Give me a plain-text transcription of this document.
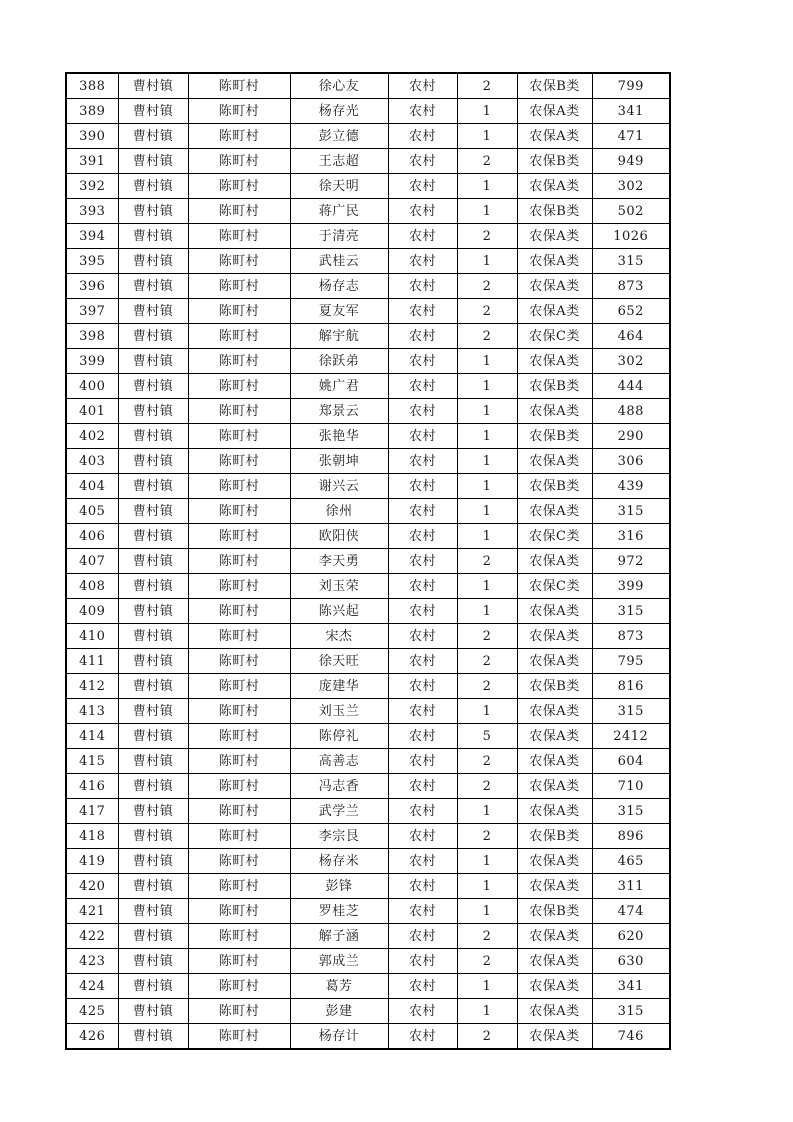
388	曹村镇	陈町村	徐心友	农村	2	农保B类	799
389	曹村镇	陈町村	杨存光	农村	1	农保A类	341
390	曹村镇	陈町村	彭立德	农村	1	农保A类	471
391	曹村镇	陈町村	王志超	农村	2	农保B类	949
392	曹村镇	陈町村	徐天明	农村	1	农保A类	302
393	曹村镇	陈町村	蒋广民	农村	1	农保B类	502
394	曹村镇	陈町村	于清亮	农村	2	农保A类	1026
395	曹村镇	陈町村	武桂云	农村	1	农保A类	315
396	曹村镇	陈町村	杨存志	农村	2	农保A类	873
397	曹村镇	陈町村	夏友军	农村	2	农保A类	652
398	曹村镇	陈町村	解宇航	农村	2	农保C类	464
399	曹村镇	陈町村	徐跃弟	农村	1	农保A类	302
400	曹村镇	陈町村	姚广君	农村	1	农保B类	444
401	曹村镇	陈町村	郑景云	农村	1	农保A类	488
402	曹村镇	陈町村	张艳华	农村	1	农保B类	290
403	曹村镇	陈町村	张朝坤	农村	1	农保A类	306
404	曹村镇	陈町村	谢兴云	农村	1	农保B类	439
405	曹村镇	陈町村	徐州	农村	1	农保A类	315
406	曹村镇	陈町村	欧阳侠	农村	1	农保C类	316
407	曹村镇	陈町村	李天勇	农村	2	农保A类	972
408	曹村镇	陈町村	刘玉荣	农村	1	农保C类	399
409	曹村镇	陈町村	陈兴起	农村	1	农保A类	315
410	曹村镇	陈町村	宋杰	农村	2	农保A类	873
411	曹村镇	陈町村	徐天旺	农村	2	农保A类	795
412	曹村镇	陈町村	庞建华	农村	2	农保B类	816
413	曹村镇	陈町村	刘玉兰	农村	1	农保A类	315
414	曹村镇	陈町村	陈停礼	农村	5	农保A类	2412
415	曹村镇	陈町村	高善志	农村	2	农保A类	604
416	曹村镇	陈町村	冯志香	农村	2	农保A类	710
417	曹村镇	陈町村	武学兰	农村	1	农保A类	315
418	曹村镇	陈町村	李宗艮	农村	2	农保B类	896
419	曹村镇	陈町村	杨存米	农村	1	农保A类	465
420	曹村镇	陈町村	彭锋	农村	1	农保A类	311
421	曹村镇	陈町村	罗桂芝	农村	1	农保B类	474
422	曹村镇	陈町村	解子涵	农村	2	农保A类	620
423	曹村镇	陈町村	郭成兰	农村	2	农保A类	630
424	曹村镇	陈町村	葛芳	农村	1	农保A类	341
425	曹村镇	陈町村	彭建	农村	1	农保A类	315
426	曹村镇	陈町村	杨存计	农村	2	农保A类	746
